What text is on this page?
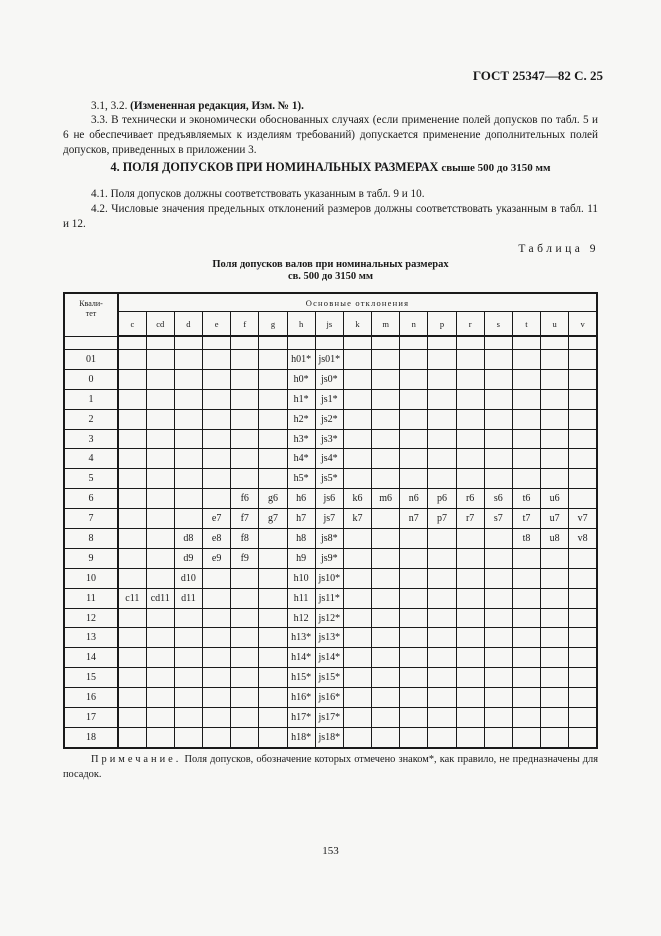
ГОСТ 25347—82 С. 25

3.1, 3.2. (Измененная редакция, Изм. № 1).

3.3. В технически и экономически обоснованных случаях (если применение полей допусков по табл. 5 и 6 не обеспечивает предъявляемых к изделиям требований) допускается применение дополнительных полей допусков, приведенных в приложении 3.

4. ПОЛЯ ДОПУСКОВ ПРИ НОМИНАЛЬНЫХ РАЗМЕРАХ свыше 500 до 3150 мм

4.1. Поля допусков должны соответствовать указанным в табл. 9 и 10.

4.2. Числовые значения предельных отклонений размеров должны соответствовать указанным в табл. 11 и 12.

Таблица 9
Поля допусков валов при номинальных размерах
св. 500 до 3150 мм
Квали-
тет	Основные отклонения																
	c	cd	d	e	f	g	h	js	k	m	n	p	r	s	t	u	v

01							h01*	js01*									
0							h0*	js0*									
1							h1*	js1*									
2							h2*	js2*									
3							h3*	js3*									
4							h4*	js4*									
5							h5*	js5*									
6					f6	g6	h6	js6	k6	m6	n6	p6	r6	s6	t6	u6	
7				e7	f7	g7	h7	js7	k7		n7	p7	r7	s7	t7	u7	v7
8			d8	e8	f8		h8	js8*							t8	u8	v8
9			d9	e9	f9		h9	js9*									
10			d10				h10	js10*									
11	c11	cd11	d11				h11	js11*									
12							h12	js12*									
13							h13*	js13*									
14							h14*	js14*									
15							h15*	js15*									
16							h16*	js16*									
17							h17*	js17*									
18							h18*	js18*									

Примечание. Поля допусков, обозначение которых отмечено знаком*, как правило, не предназначены для посадок.

153
